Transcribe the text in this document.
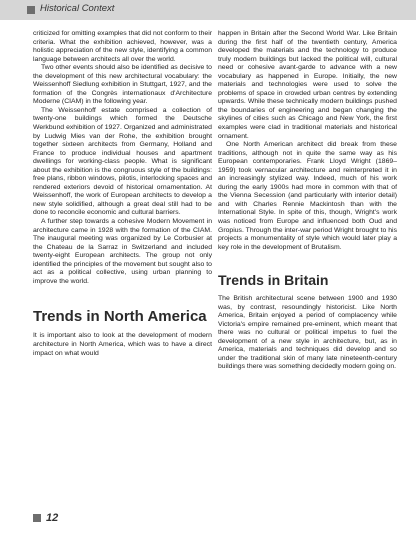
Historical Context

criticized for omitting examples that did not conform to their criteria. What the exhibition achieved, however, was a holistic appreciation of the new style, identifying a common language between architects all over the world.

Two other events should also be identified as decisive to the development of this new architectural vocabulary: the Weissenhoff Siedlung exhibition in Stuttgart, 1927, and the formation of the Congrès internationaux d'Architecture Moderne (CIAM) in the following year.

The Weissenhoff estate comprised a collection of twenty-one buildings which formed the Deutsche Werkbund exhibition of 1927. Organized and administrated by Ludwig Mies van der Rohe, the exhibition brought together sixteen architects from Germany, Holland and France to produce individual houses and apartment dwellings for working-class people. What is significant about the exhibition is the congruous style of the buildings: free plans, ribbon windows, pilotis, interlocking spaces and rendered exteriors devoid of historical ornamentation. At Weissenhoff, the work of European architects to develop a new style solidified, although a great deal still had to be done to reconcile economic and cultural barriers.

A further step towards a cohesive Modern Movement in architecture came in 1928 with the formation of the CIAM. The inaugural meeting was organized by Le Corbusier at the Chateau de la Sarraz in Switzerland and included twenty-eight European architects. The group not only identified the principles of the movement but sought also to act as a political collective, using urban planning to improve the world.

Trends in North America

It is important also to look at the development of modern architecture in North America, which was to have a direct impact on what would

happen in Britain after the Second World War. Like Britain during the first half of the twentieth century, America developed the materials and the technology to produce truly modern buildings but lacked the political will, cultural need or cohesive avant-garde to advance with a new vocabulary as happened in Europe. Initially, the new materials and technologies were used to solve the problems of space in crowded urban centres by extending upwards. While these technically modern buildings pushed the boundaries of engineering and began changing the skylines of cities such as Chicago and New York, the first examples were clad in traditional materials and historical ornament.

One North American architect did break from these traditions, although not in quite the same way as his European contemporaries. Frank Lloyd Wright (1869–1959) took vernacular architecture and reinterpreted it in an increasingly stylized way. Indeed, much of his work during the early 1900s had more in common with that of the Vienna Secession (and particularly with interior detail) and with Charles Rennie Mackintosh than with the International Style. In spite of this, though, Wright's work was noticed from Europe and influenced both Oud and Gropius. Through the inter-war period Wright brought to his projects a monumentality of style which would later play a key role in the development of Brutalism.

Trends in Britain

The British architectural scene between 1900 and 1930 was, by contrast, resoundingly historicist. Like North America, Britain enjoyed a period of complacency while Victoria's empire remained pre-eminent, which meant that there was no cultural or political impetus to fuel the development of a new style in architecture, but, as in America, materials and techniques did develop and so under the traditional skin of many late nineteenth-century buildings there was something decidedly modern going on.

12
